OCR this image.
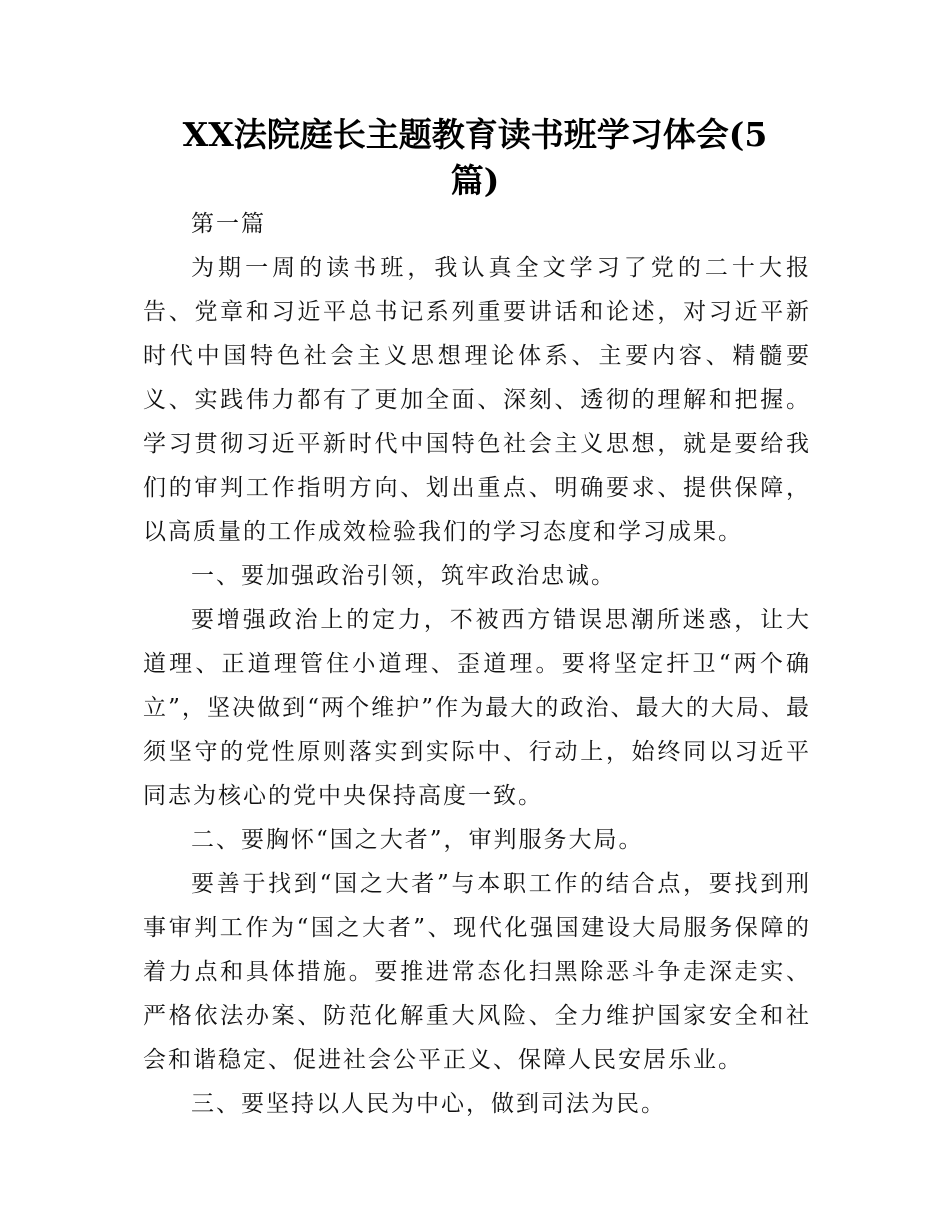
XX法院庭长主题教育读书班学习体会(5
篇)

第一篇

为期一周的读书班，我认真全文学习了党的二十大报告、党章和习近平总书记系列重要讲话和论述，对习近平新时代中国特色社会主义思想理论体系、主要内容、精髓要义、实践伟力都有了更加全面、深刻、透彻的理解和把握。学习贯彻习近平新时代中国特色社会主义思想，就是要给我们的审判工作指明方向、划出重点、明确要求、提供保障，以高质量的工作成效检验我们的学习态度和学习成果。

一、要加强政治引领，筑牢政治忠诚。

要增强政治上的定力，不被西方错误思潮所迷惑，让大道理、正道理管住小道理、歪道理。要将坚定扞卫“两个确立”，坚决做到“两个维护”作为最大的政治、最大的大局、最须坚守的党性原则落实到实际中、行动上，始终同以习近平同志为核心的党中央保持高度一致。

二、要胸怀“国之大者”，审判服务大局。

要善于找到“国之大者”与本职工作的结合点，要找到刑事审判工作为“国之大者”、现代化强国建设大局服务保障的着力点和具体措施。要推进常态化扫黑除恶斗争走深走实、严格依法办案、防范化解重大风险、全力维护国家安全和社会和谐稳定、促进社会公平正义、保障人民安居乐业。

三、要坚持以人民为中心，做到司法为民。
